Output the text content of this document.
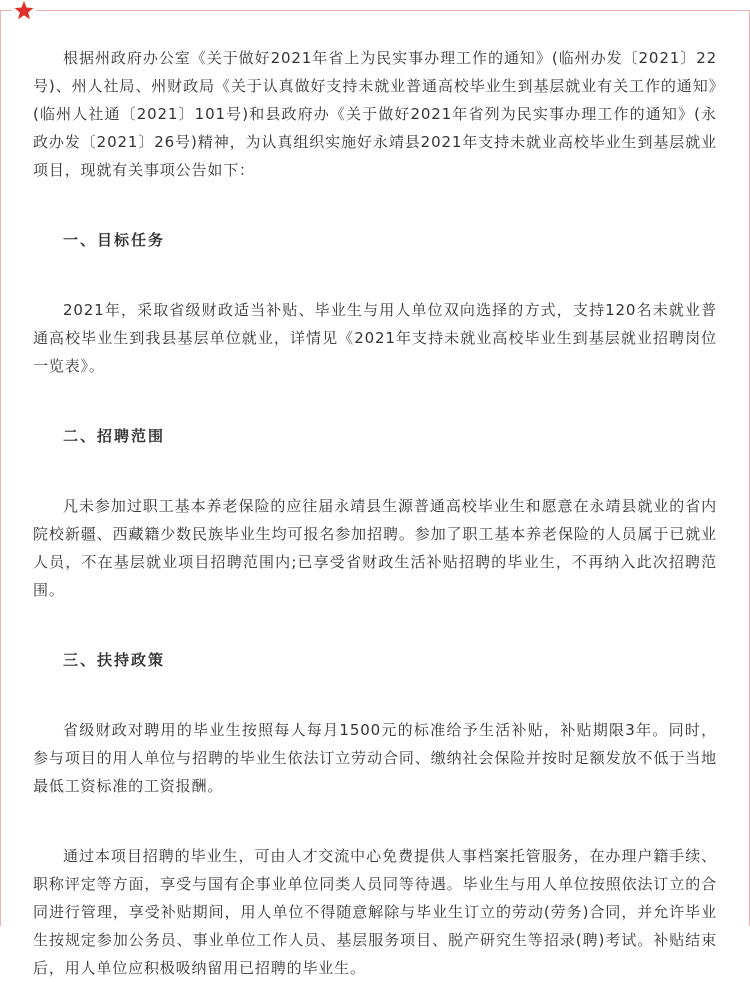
根据州政府办公室《关于做好2021年省上为民实事办理工作的通知》(临州办发〔2021〕22号)、州人社局、州财政局《关于认真做好支持未就业普通高校毕业生到基层就业有关工作的通知》(临州人社通〔2021〕101号)和县政府办《关于做好2021年省列为民实事办理工作的通知》(永政办发〔2021〕26号)精神，为认真组织实施好永靖县2021年支持未就业高校毕业生到基层就业项目，现就有关事项公告如下：

一、目标任务

2021年，采取省级财政适当补贴、毕业生与用人单位双向选择的方式，支持120名未就业普通高校毕业生到我县基层单位就业，详情见《2021年支持未就业高校毕业生到基层就业招聘岗位一览表》。

二、招聘范围

凡未参加过职工基本养老保险的应往届永靖县生源普通高校毕业生和愿意在永靖县就业的省内院校新疆、西藏籍少数民族毕业生均可报名参加招聘。参加了职工基本养老保险的人员属于已就业人员，不在基层就业项目招聘范围内;已享受省财政生活补贴招聘的毕业生，不再纳入此次招聘范围。

三、扶持政策

省级财政对聘用的毕业生按照每人每月1500元的标准给予生活补贴，补贴期限3年。同时，参与项目的用人单位与招聘的毕业生依法订立劳动合同、缴纳社会保险并按时足额发放不低于当地最低工资标准的工资报酬。

通过本项目招聘的毕业生，可由人才交流中心免费提供人事档案托管服务，在办理户籍手续、职称评定等方面，享受与国有企事业单位同类人员同等待遇。毕业生与用人单位按照依法订立的合同进行管理，享受补贴期间，用人单位不得随意解除与毕业生订立的劳动(劳务)合同，并允许毕业生按规定参加公务员、事业单位工作人员、基层服务项目、脱产研究生等招录(聘)考试。补贴结束后，用人单位应积极吸纳留用已招聘的毕业生。
